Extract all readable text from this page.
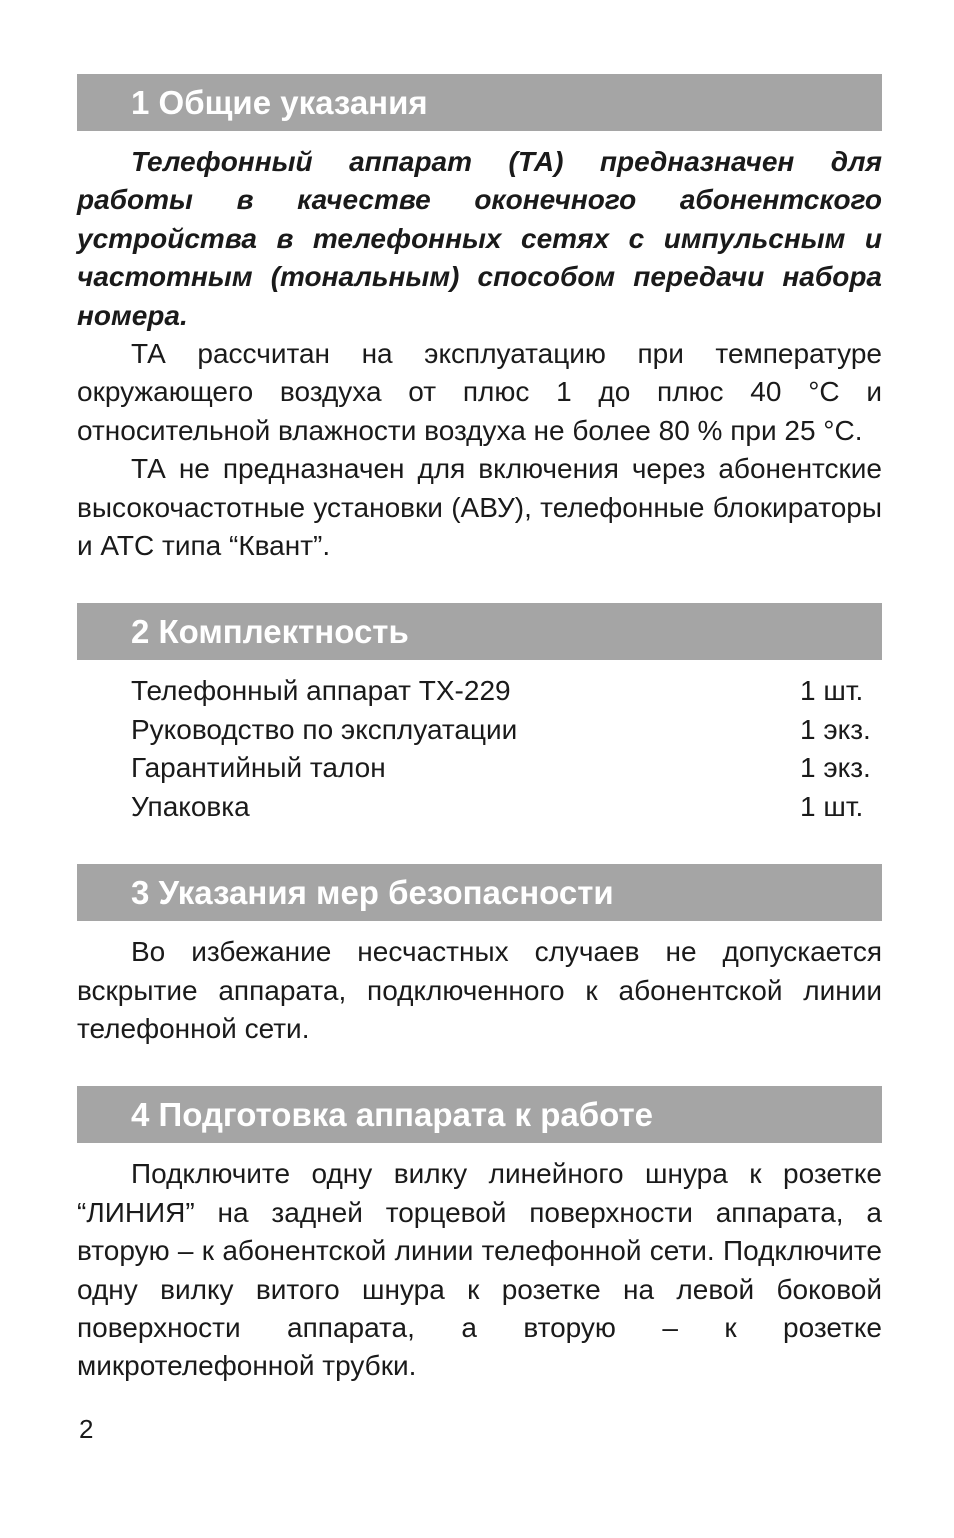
1 Общие указания

Телефонный аппарат (ТА) предназначен для работы в качестве оконечного абонентского устройства в телефонных сетях с импульсным и частотным (тональным) способом передачи набора номера.

ТА рассчитан на эксплуатацию при температуре окружающего воздуха от плюс 1 до плюс 40 °С и относительной влажности воздуха не более 80 % при 25 °С.

ТА не предназначен для включения через абонентские высокочастотные установки (АВУ), телефонные блокираторы и АТС типа “Квант”.

2 Комплектность
Телефонный аппарат ТХ-229	1 шт.
Руководство по эксплуатации	1 экз.
Гарантийный талон	1 экз.
Упаковка	1 шт.
3 Указания мер безопасности

Во избежание несчастных случаев не допускается вскрытие аппарата, подключенного к абонентской линии телефонной сети.

4 Подготовка аппарата к работе

Подключите одну вилку линейного шнура к розетке “ЛИНИЯ” на задней торцевой поверхности аппарата, а вторую – к абонентской линии телефонной сети. Подключите одну вилку витого шнура к розетке на левой боковой поверхности аппарата, а вторую – к розетке микротелефонной трубки.

2
